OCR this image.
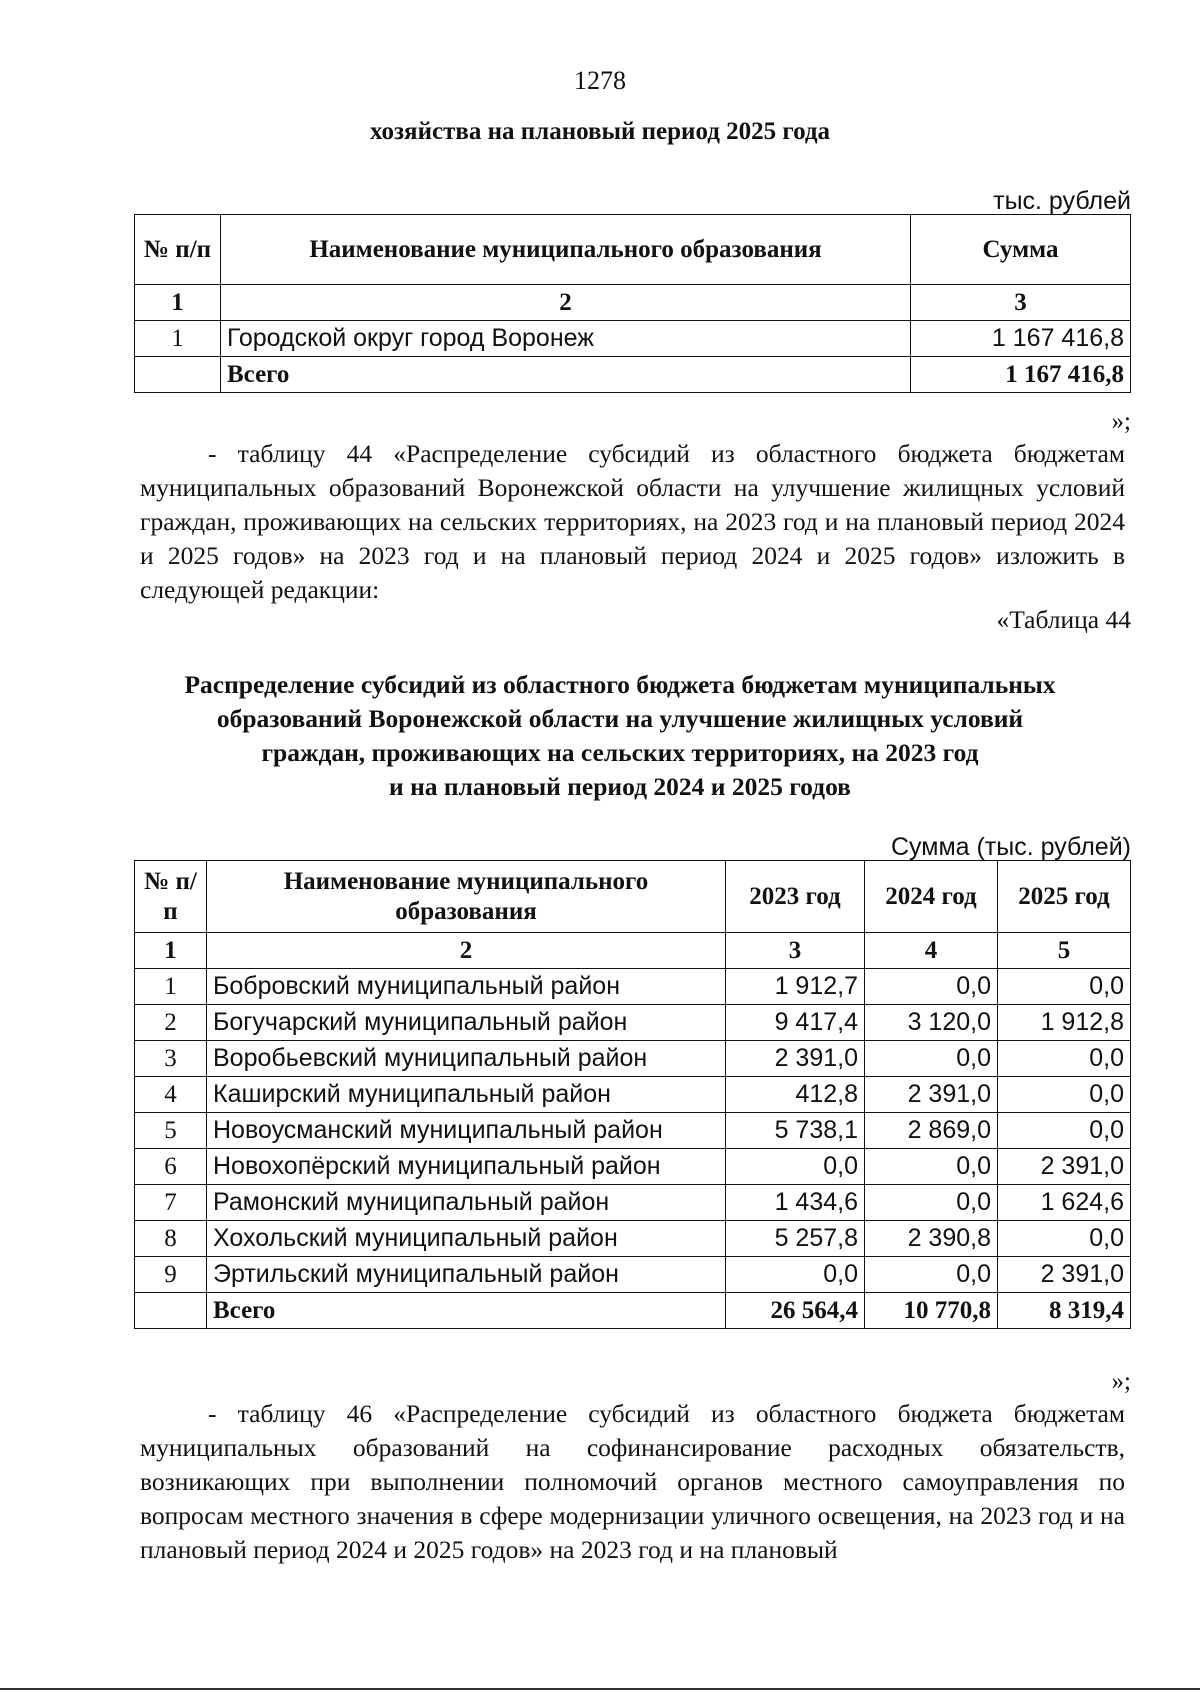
1278
хозяйства на плановый период 2025 года
тыс. рублей
№ п/п	Наименование муниципального образования	Сумма
1	2	3
1	Городской округ город Воронеж	1 167 416,8
	Всего	1 167 416,8
»;
- таблицу 44 «Распределение субсидий из областного бюджета бюджетам муниципальных образований Воронежской области на улучшение жилищных условий граждан, проживающих на сельских территориях, на 2023 год и на плановый период 2024 и 2025 годов» на 2023 год и на плановый период 2024 и 2025 годов» изложить в следующей редакции:
«Таблица 44
Распределение субсидий из областного бюджета бюджетам муниципальных
образований Воронежской области на улучшение жилищных условий
граждан, проживающих на сельских территориях, на 2023 год
и на плановый период 2024 и 2025 годов
Сумма (тыс. рублей)
№ п/п	Наименование муниципального образования	2023 год	2024 год	2025 год
1	2	3	4	5
1	Бобровский муниципальный район	1 912,7	0,0	0,0
2	Богучарский муниципальный район	9 417,4	3 120,0	1 912,8
3	Воробьевский муниципальный район	2 391,0	0,0	0,0
4	Каширский муниципальный район	412,8	2 391,0	0,0
5	Новоусманский муниципальный район	5 738,1	2 869,0	0,0
6	Новохопёрский муниципальный район	0,0	0,0	2 391,0
7	Рамонский муниципальный район	1 434,6	0,0	1 624,6
8	Хохольский муниципальный район	5 257,8	2 390,8	0,0
9	Эртильский муниципальный район	0,0	0,0	2 391,0
	Всего	26 564,4	10 770,8	8 319,4
»;
- таблицу 46 «Распределение субсидий из областного бюджета бюджетам муниципальных образований на софинансирование расходных обязательств, возникающих при выполнении полномочий органов местного самоуправления по вопросам местного значения в сфере модернизации уличного освещения, на 2023 год и на плановый период 2024 и 2025 годов» на 2023 год и на плановый
